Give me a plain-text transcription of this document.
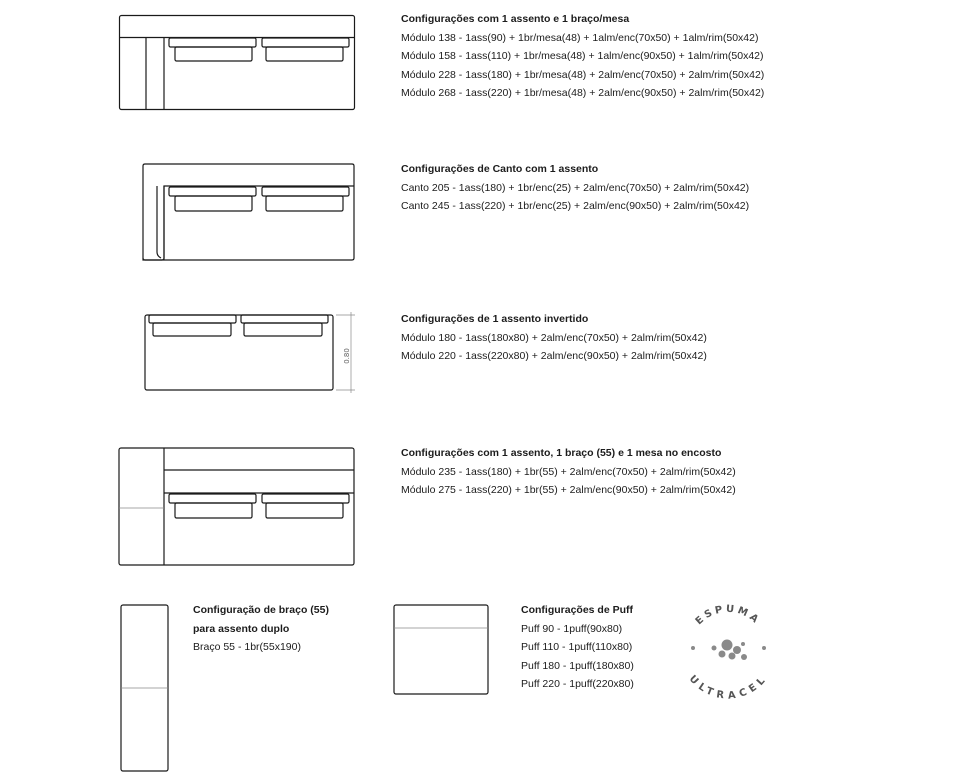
0.80
ESPUMA
ULTRACEL
Configurações com 1 assento e 1 braço/mesa
Módulo 138 - 1ass(90) + 1br/mesa(48) + 1alm/enc(70x50) + 1alm/rim(50x42)
Módulo 158 - 1ass(110) + 1br/mesa(48) + 1alm/enc(90x50) + 1alm/rim(50x42)
Módulo 228 - 1ass(180) + 1br/mesa(48) + 2alm/enc(70x50) + 2alm/rim(50x42)
Módulo 268 - 1ass(220) + 1br/mesa(48) + 2alm/enc(90x50) + 2alm/rim(50x42)
Configurações de Canto com 1 assento
Canto 205 - 1ass(180) + 1br/enc(25) + 2alm/enc(70x50) + 2alm/rim(50x42)
Canto 245 - 1ass(220) + 1br/enc(25) + 2alm/enc(90x50) + 2alm/rim(50x42)
Configurações de 1 assento invertido
Módulo 180 - 1ass(180x80) + 2alm/enc(70x50) + 2alm/rim(50x42)
Módulo 220 - 1ass(220x80) + 2alm/enc(90x50) + 2alm/rim(50x42)
Configurações com 1 assento, 1 braço (55) e 1 mesa no encosto
Módulo 235 - 1ass(180) + 1br(55) + 2alm/enc(70x50) + 2alm/rim(50x42)
Módulo 275 - 1ass(220) + 1br(55) + 2alm/enc(90x50) + 2alm/rim(50x42)
Configuração de braço (55)
para assento duplo
Braço 55 - 1br(55x190)
Configurações de Puff
Puff 90 - 1puff(90x80)
Puff 110 - 1puff(110x80)
Puff 180 - 1puff(180x80)
Puff 220 - 1puff(220x80)
